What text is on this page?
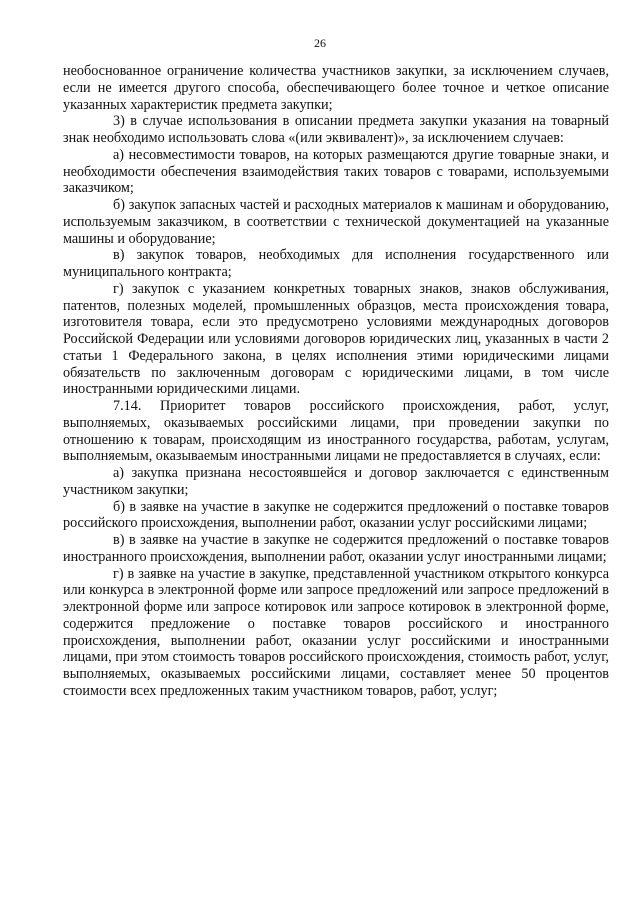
26

необоснованное ограничение количества участников закупки, за исключением случаев, если не имеется другого способа, обеспечивающего более точное и четкое описание указанных характеристик предмета закупки;

3) в случае использования в описании предмета закупки указания на товарный знак необходимо использовать слова «(или эквивалент)», за исключением случаев:

а) несовместимости товаров, на которых размещаются другие товарные знаки, и необходимости обеспечения взаимодействия таких товаров с товарами, используемыми заказчиком;

б) закупок запасных частей и расходных материалов к машинам и оборудованию, используемым заказчиком, в соответствии с технической документацией на указанные машины и оборудование;

в) закупок товаров, необходимых для исполнения государственного или муниципального контракта;

г) закупок с указанием конкретных товарных знаков, знаков обслуживания, патентов, полезных моделей, промышленных образцов, места происхождения товара, изготовителя товара, если это предусмотрено условиями международных договоров Российской Федерации или условиями договоров юридических лиц, указанных в части 2 статьи 1 Федерального закона, в целях исполнения этими юридическими лицами обязательств по заключенным договорам с юридическими лицами, в том числе иностранными юридическими лицами.

7.14. Приоритет товаров российского происхождения, работ, услуг, выполняемых, оказываемых российскими лицами, при проведении закупки по отношению к товарам, происходящим из иностранного государства, работам, услугам, выполняемым, оказываемым иностранными лицами не предоставляется в случаях, если:

а) закупка признана несостоявшейся и договор заключается с единственным участником закупки;

б) в заявке на участие в закупке не содержится предложений о поставке товаров российского происхождения, выполнении работ, оказании услуг российскими лицами;

в) в заявке на участие в закупке не содержится предложений о поставке товаров иностранного происхождения, выполнении работ, оказании услуг иностранными лицами;

г) в заявке на участие в закупке, представленной участником открытого конкурса или конкурса в электронной форме или запросе предложений или запросе предложений в электронной форме или запросе котировок или запросе котировок в электронной форме, содержится предложение о поставке товаров российского и иностранного происхождения, выполнении работ, оказании услуг российскими и иностранными лицами, при этом стоимость товаров российского происхождения, стоимость работ, услуг, выполняемых, оказываемых российскими лицами, составляет менее 50 процентов стоимости всех предложенных таким участником товаров, работ, услуг;
